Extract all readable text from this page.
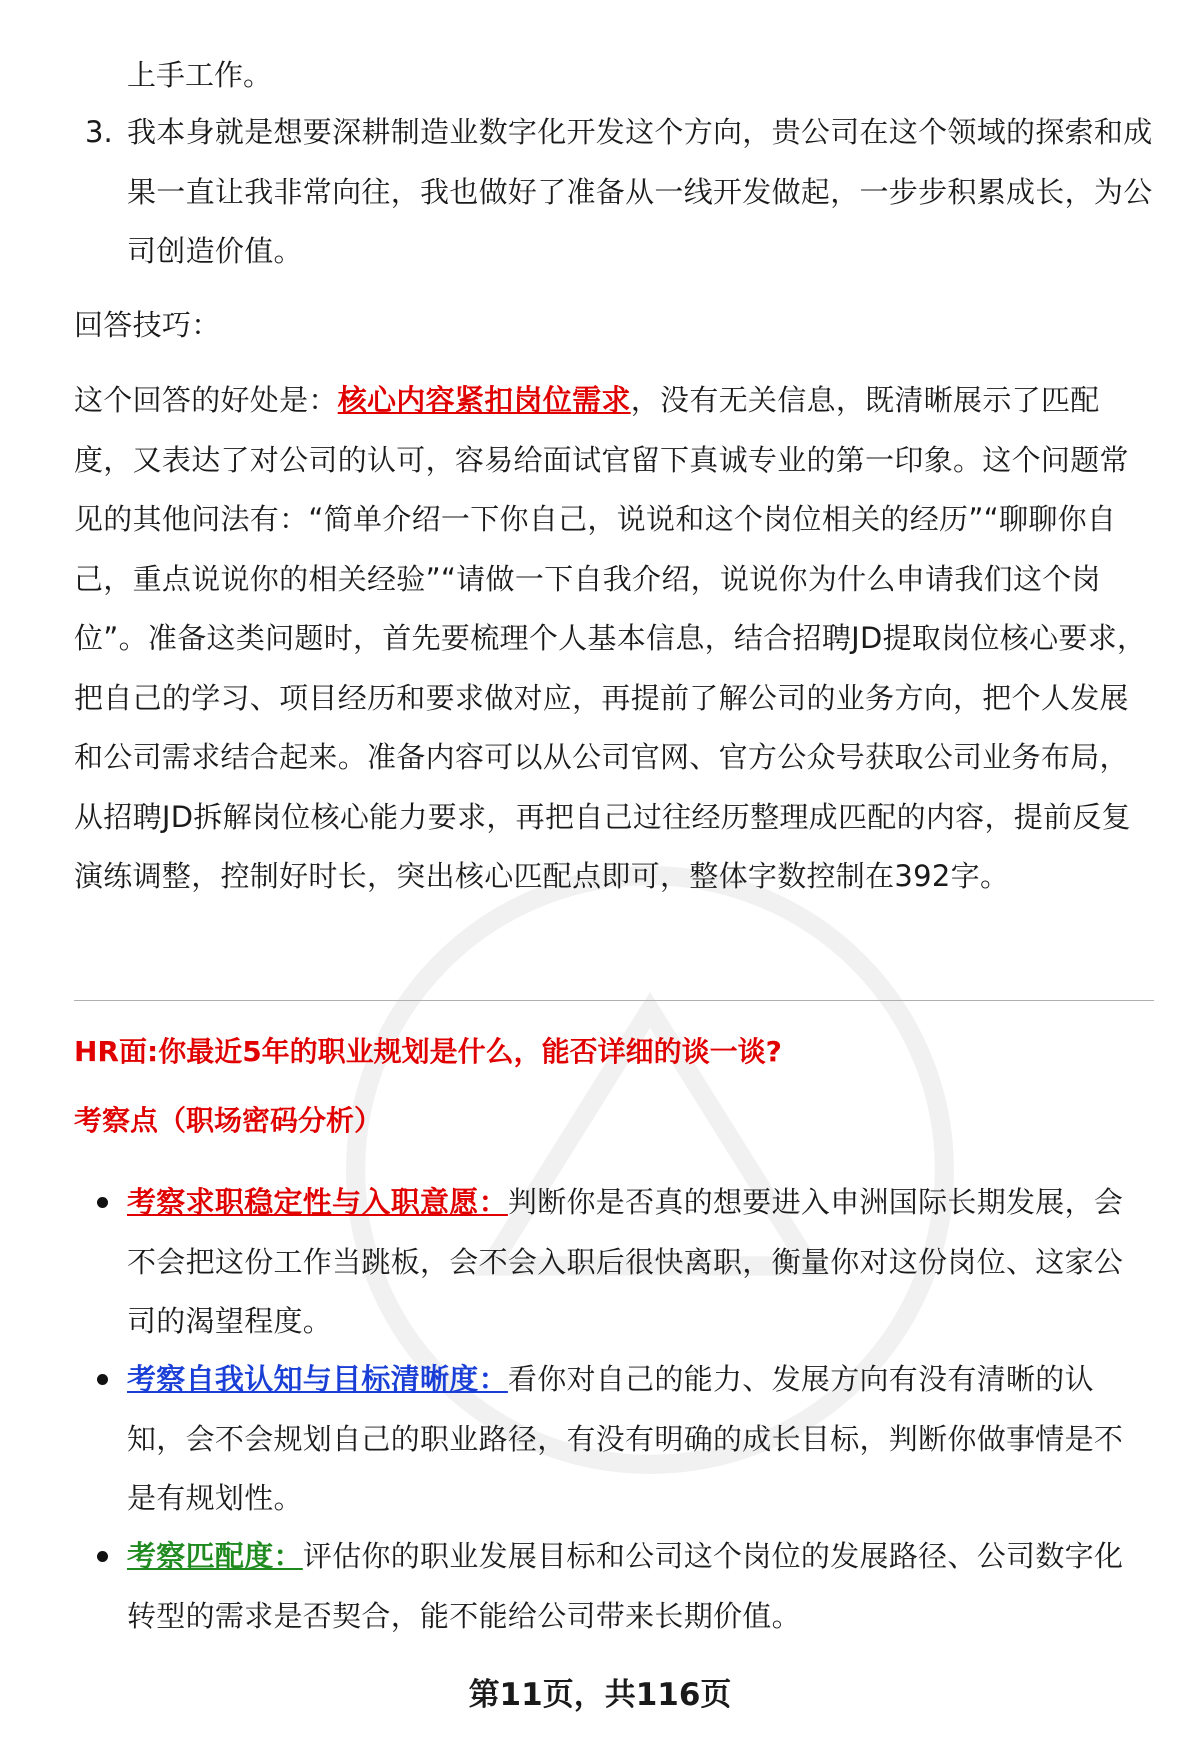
上手工作。
3. 我本身就是想要深耕制造业数字化开发这个方向，贵公司在这个领域的探索和成果一直让我非常向往，我也做好了准备从一线开发做起，一步步积累成长，为公司创造价值。
回答技巧：
这个回答的好处是：核心内容紧扣岗位需求，没有无关信息，既清晰展示了匹配度，又表达了对公司的认可，容易给面试官留下真诚专业的第一印象。这个问题常见的其他问法有：“简单介绍一下你自己，说说和这个岗位相关的经历”“聊聊你自己，重点说说你的相关经验”“请做一下自我介绍，说说你为什么申请我们这个岗位”。准备这类问题时，首先要梳理个人基本信息，结合招聘JD提取岗位核心要求，把自己的学习、项目经历和要求做对应，再提前了解公司的业务方向，把个人发展和公司需求结合起来。准备内容可以从公司官网、官方公众号获取公司业务布局，从招聘JD拆解岗位核心能力要求，再把自己过往经历整理成匹配的内容，提前反复演练调整，控制好时长，突出核心匹配点即可，整体字数控制在392字。
HR面:你最近5年的职业规划是什么，能否详细的谈一谈?
考察点（职场密码分析）
考察求职稳定性与入职意愿：判断你是否真的想要进入申洲国际长期发展，会不会把这份工作当跳板，会不会入职后很快离职，衡量你对这份岗位、这家公司的渴望程度。
考察自我认知与目标清晰度：看你对自己的能力、发展方向有没有清晰的认知，会不会规划自己的职业路径，有没有明确的成长目标，判断你做事情是不是有规划性。
考察匹配度：评估你的职业发展目标和公司这个岗位的发展路径、公司数字化转型的需求是否契合，能不能给公司带来长期价值。
第11页，共116页
